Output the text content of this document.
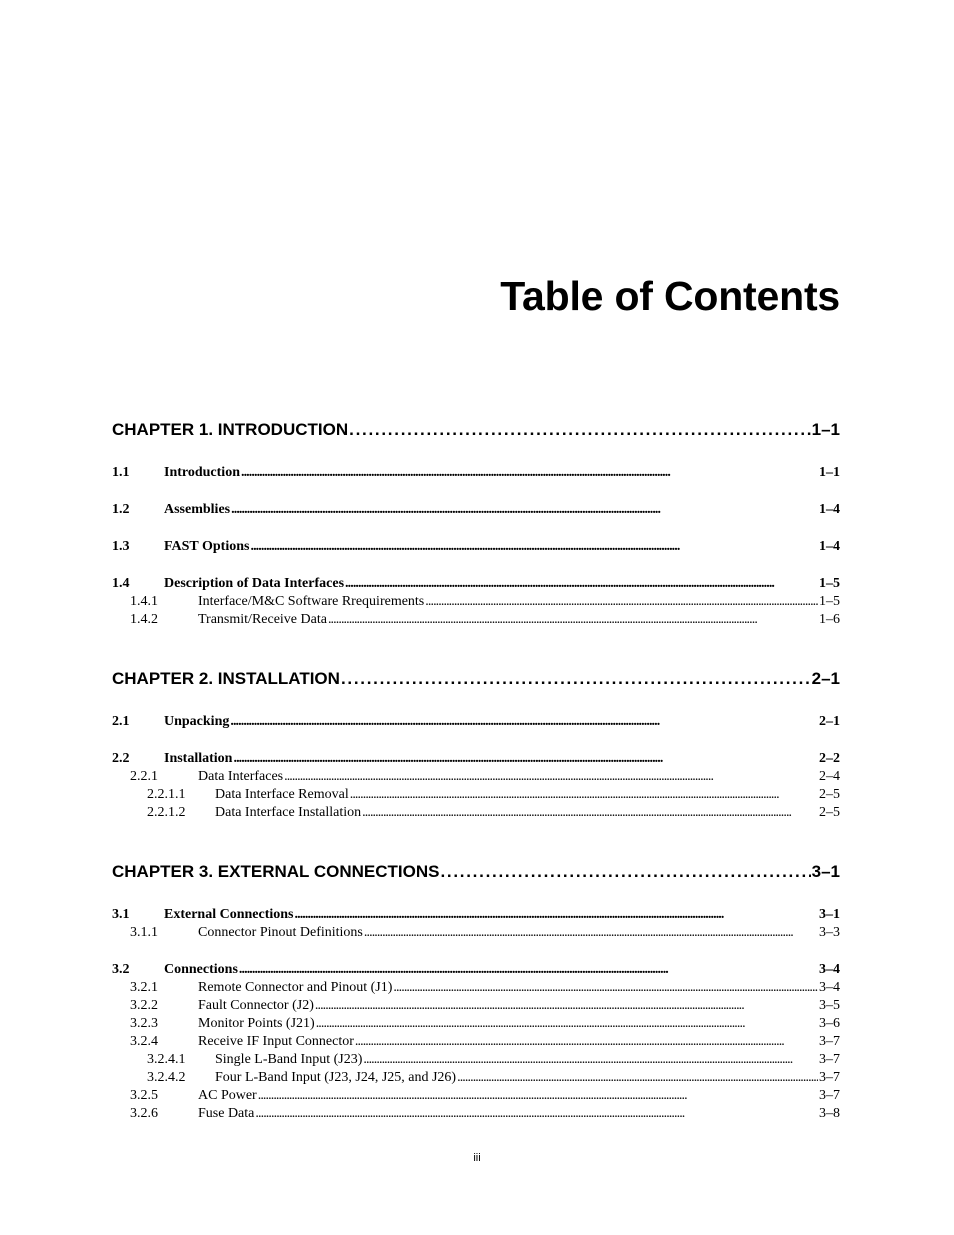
Table of Contents
CHAPTER 1. INTRODUCTION . . .	1–1
1.1	Introduction . . .	1–1
1.2	Assemblies . . .	1–4
1.3	FAST Options . . .	1–4
1.4	Description of Data Interfaces . . .	1–5
1.4.1	Interface/M&C Software Rrequirements . . .	1–5
1.4.2	Transmit/Receive Data . . .	1–6
CHAPTER 2. INSTALLATION . . .	2–1
2.1	Unpacking . . .	2–1
2.2	Installation . . .	2–2
2.2.1	Data Interfaces . . .	2–4
2.2.1.1	Data Interface Removal . . .	2–5
2.2.1.2	Data Interface Installation . . .	2–5
CHAPTER 3. EXTERNAL CONNECTIONS . . .	3–1
3.1	External Connections . . .	3–1
3.1.1	Connector Pinout Definitions . . .	3–3
3.2	Connections . . .	3–4
3.2.1	Remote Connector and Pinout (J1) . . .	3–4
3.2.2	Fault Connector (J2) . . .	3–5
3.2.3	Monitor Points (J21) . . .	3–6
3.2.4	Receive IF Input Connector . . .	3–7
3.2.4.1	Single L-Band Input (J23) . . .	3–7
3.2.4.2	Four L-Band Input (J23, J24, J25, and J26) . . .	3–7
3.2.5	AC Power . . .	3–7
3.2.6	Fuse Data . . .	3–8
iii
